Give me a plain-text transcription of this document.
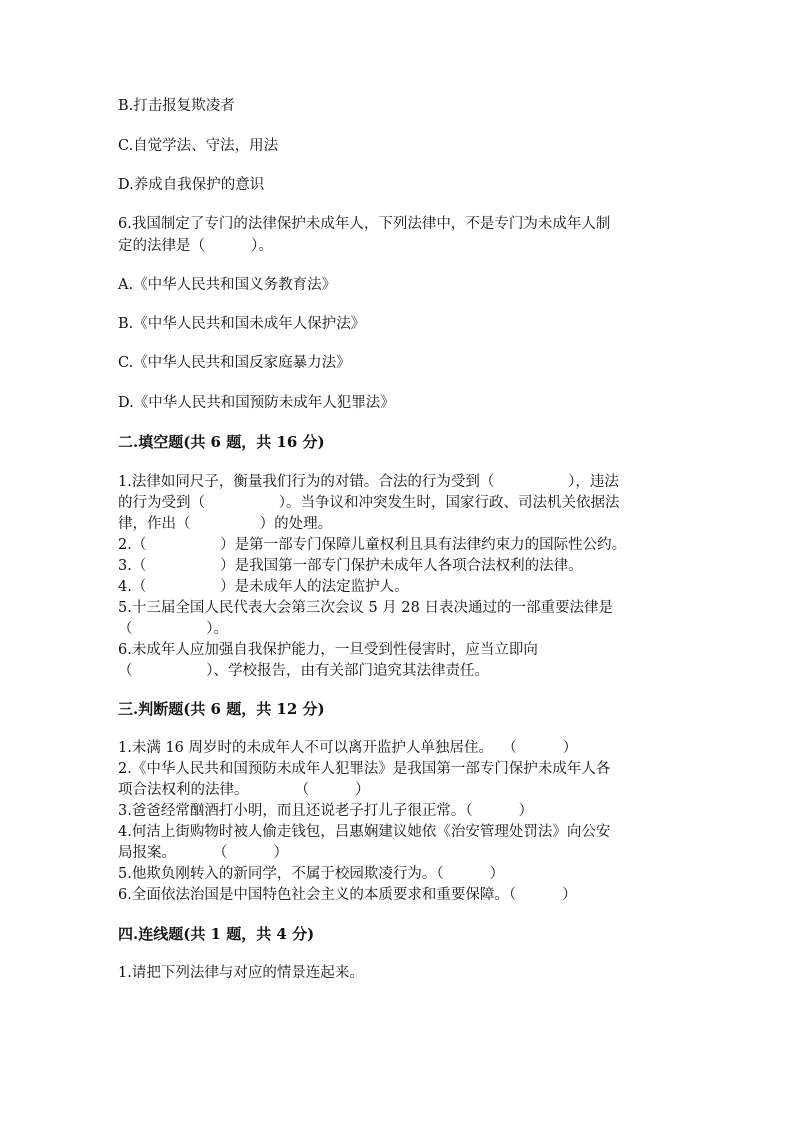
B.打击报复欺凌者
C.自觉学法、守法，用法
D.养成自我保护的意识
6.我国制定了专门的法律保护未成年人，下列法律中，不是专门为未成年人制
定的法律是（          ）。
A.《中华人民共和国义务教育法》
B.《中华人民共和国未成年人保护法》
C.《中华人民共和国反家庭暴力法》
D.《中华人民共和国预防未成年人犯罪法》
二.填空题(共 6 题，共 16 分)
1.法律如同尺子，衡量我们行为的对错。合法的行为受到（                ），违法
的行为受到（                ）。当争议和冲突发生时，国家行政、司法机关依据法
律，作出（               ）的处理。
2.（                ）是第一部专门保障儿童权利且具有法律约束力的国际性公约。
3.（                ）是我国第一部专门保护未成年人各项合法权利的法律。
4.（                ）是未成年人的法定监护人。
5.十三届全国人民代表大会第三次会议 5 月 28 日表决通过的一部重要法律是
（                ）。
6.未成年人应加强自我保护能力，一旦受到性侵害时，应当立即向
（                ）、学校报告，由有关部门追究其法律责任。
三.判断题(共 6 题，共 12 分)
1.未满 16 周岁时的未成年人不可以离开监护人单独居住。  （          ）
2.《中华人民共和国预防未成年人犯罪法》是我国第一部专门保护未成年人各
项合法权利的法律。          （          ）
3.爸爸经常酗酒打小明，而且还说老子打儿子很正常。（          ）
4.何洁上街购物时被人偷走钱包，吕惠娴建议她依《治安管理处罚法》向公安
局报案。        （          ）
5.他欺负刚转入的新同学，不属于校园欺凌行为。（          ）
6.全面依法治国是中国特色社会主义的本质要求和重要保障。（          ）
四.连线题(共 1 题，共 4 分)
1.请把下列法律与对应的情景连起来。
